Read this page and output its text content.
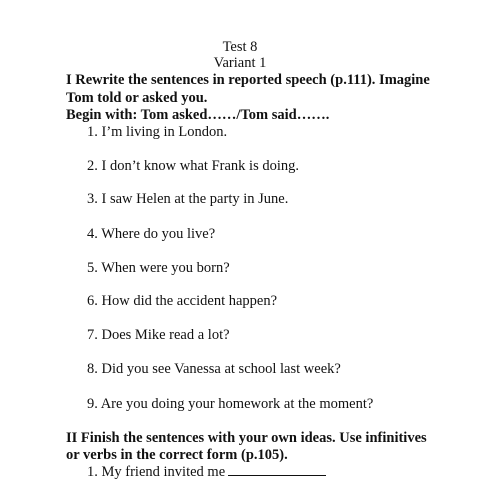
Test 8
Variant 1
I Rewrite the sentences in reported speech (p.111). Imagine
Tom told or asked you.
Begin with: Tom asked……/Tom said…….
1. I’m living in London.
2. I don’t know what Frank is doing.
3. I saw Helen at the party in June.
4. Where do you live?
5. When were you born?
6. How did the accident happen?
7. Does Mike read a lot?
8. Did you see Vanessa at school last week?
9. Are you doing your homework at the moment?
II Finish the sentences with your own ideas. Use infinitives
or verbs in the correct form (p.105).
1. My friend invited me
